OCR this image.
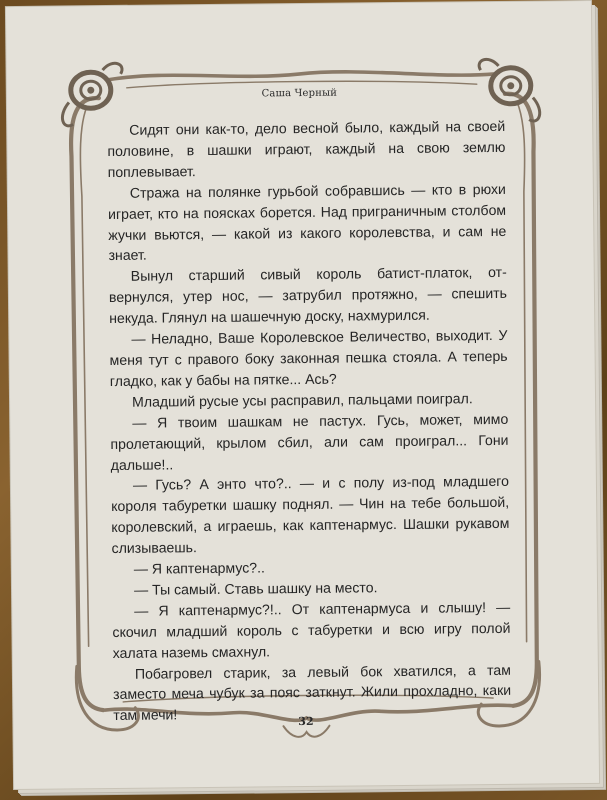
Саша Черный

Сидят они как-то, дело весной было, каждый на своей половине, в шашки играют, каждый на свою землю поплевывает.

Стража на полянке гурьбой собравшись — кто в рюхи играет, кто на поясках борется. Над приграничным столбом жучки вьются, — какой из какого королевства, и сам не знает.

Вынул старший сивый король батист-платок, отвернулся, утер нос, — затрубил протяжно, — спешить некуда. Глянул на шашечную доску, нахмурился.

— Неладно, Ваше Королевское Величество, выходит. У меня тут с правого боку законная пешка стояла. А теперь гладко, как у бабы на пятке... Ась?

Младший русые усы расправил, пальцами поиграл.

— Я твоим шашкам не пастух. Гусь, может, мимо пролетающий, крылом сбил, али сам проиграл... Гони дальше!..

— Гусь? А энто что?.. — и с полу из-под младшего короля табуретки шашку поднял. — Чин на тебе большой, королевский, а играешь, как каптенармус. Шашки рукавом слизываешь.

— Я каптенармус?..

— Ты самый. Ставь шашку на место.

— Я каптенармус?!.. От каптенармуса и слышу! — скочил младший король с табуретки и всю игру полой халата наземь смахнул.

Побагровел старик, за левый бок хватился, а там заместо меча чубук за пояс заткнут. Жили прохладно, каки там мечи!	32
